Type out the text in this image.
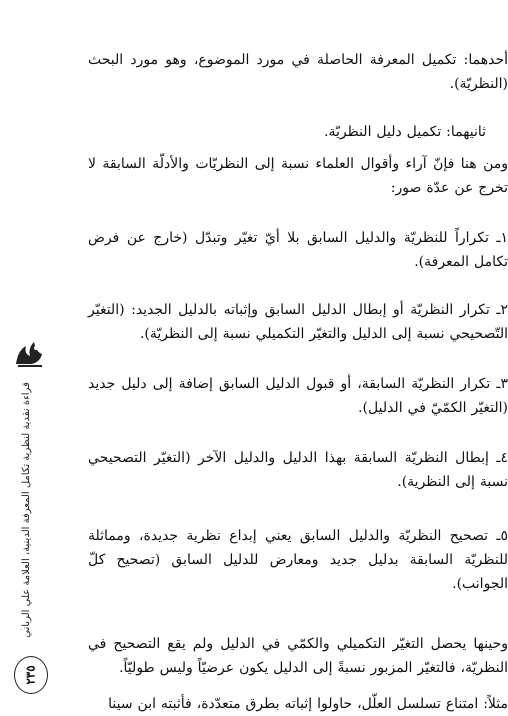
أحدهما: تكميل المعرفة الحاصلة في مورد الموضوع، وهو مورد البحث (النظريّة).

ثانيهما: تكميل دليل النظريّة.

ومن هنا فإنّ آراء وأقوال العلماء نسبة إلى النظريّات والأدلّة السابقة لا تخرج عن عدّة صور:

١ـ تكراراً للنظريّة والدليل السابق بلا أيّ تغيّر وتبدّل (خارج عن فرض تكامل المعرفة).

٢ـ تكرار النظريّة أو إبطال الدليل السابق وإثباته بالدليل الجديد: (التغيّر التّصحيحي نسبة إلى الدليل والتغيّر التكميلي نسبة إلى النظريّة).

٣ـ تكرار النظريّة السابقة، أو قبول الدليل السابق إضافة إلى دليل جديد (التغيّر الكمّيّ في الدليل).

٤ـ إبطال النظريّة السابقة بهذا الدليل والدليل الآخر (التغيّر التصحيحي نسبة إلى النظرية).

٥ـ تصحيح النظريّة والدليل السابق يعني إبداع نظرية جديدة، ومماثلة للنظريّة السابقة بدليل جديد ومعارض للدليل السابق (تصحيح كلّ الجوانب).

وحينها يحصل التغيّر التكميلي والكمّي في الدليل ولم يقع التصحيح في النظريّة، فالتغيّر المزبور نسبةً إلى الدليل يكون عرضيّاً وليس طوليّاً.

مثلاً: امتناع تسلسل العلّل، حاولوا إثباته بطرق متعدّدة، فأثبته ابن سينا

قراءة نقدية لنظرية تكامل المعرفة الدينية، العلامة علي الرباني
٢٣٥
